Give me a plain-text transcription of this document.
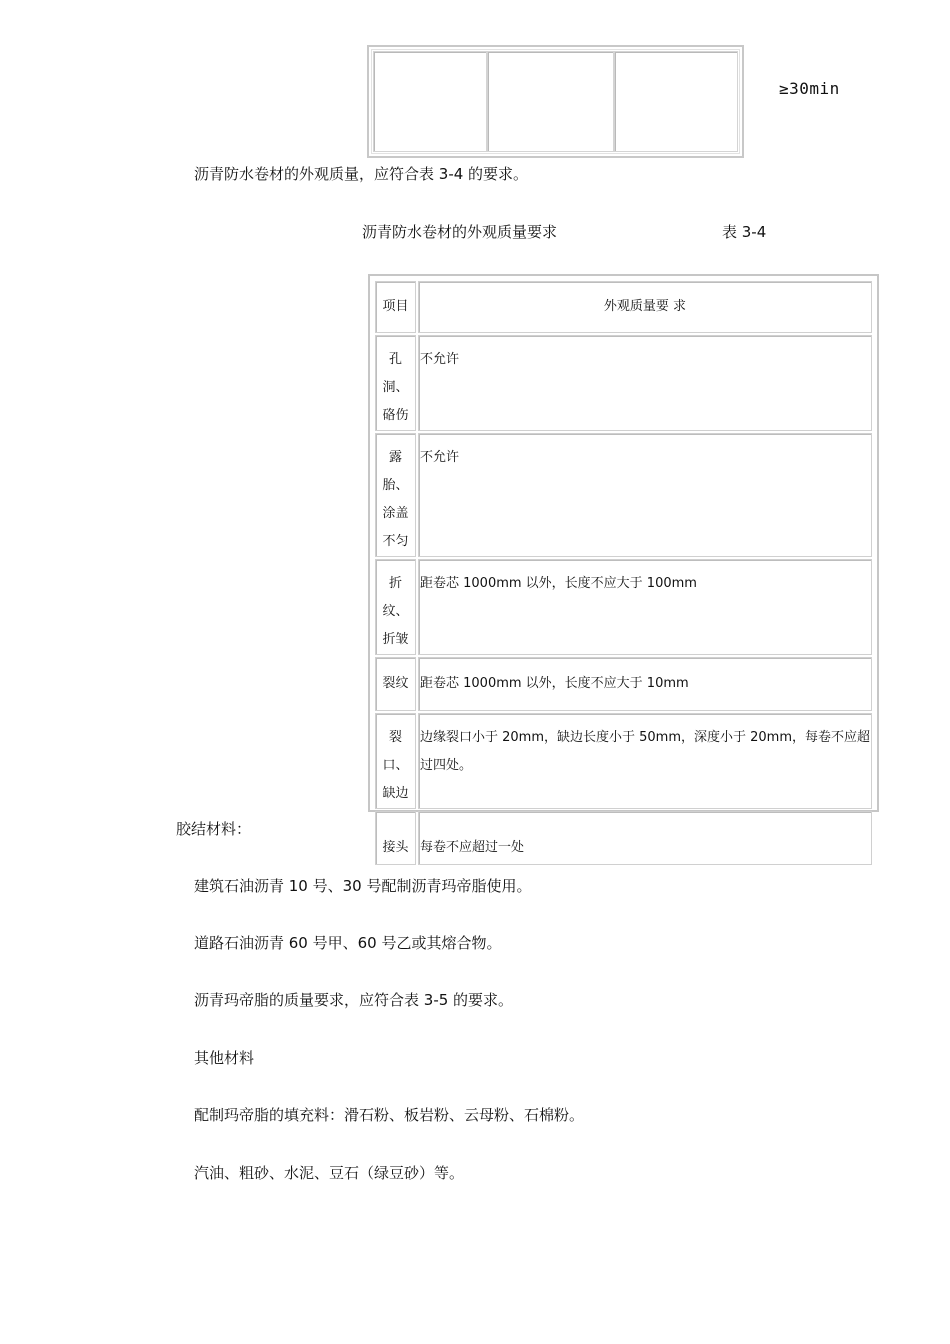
≥30min
沥青防水卷材的外观质量，应符合表 3-4 的要求。
沥青防水卷材的外观质量要求	表 3-4
项目	外观质量要 求
孔洞、硌伤	不允许
露胎、涂盖不匀	不允许
折纹、折皱	距卷芯 1000mm 以外，长度不应大于 100mm
裂纹	距卷芯 1000mm 以外，长度不应大于 10mm
裂口、缺边	边缘裂口小于 20mm，缺边长度小于 50mm，深度小于 20mm，每卷不应超过四处。
接头	每卷不应超过一处
胶结材料：
建筑石油沥青 10 号、30 号配制沥青玛帝脂使用。
道路石油沥青 60 号甲、60 号乙或其熔合物。
沥青玛帝脂的质量要求，应符合表 3-5 的要求。
其他材料
配制玛帝脂的填充料：滑石粉、板岩粉、云母粉、石棉粉。
汽油、粗砂、水泥、豆石（绿豆砂）等。
